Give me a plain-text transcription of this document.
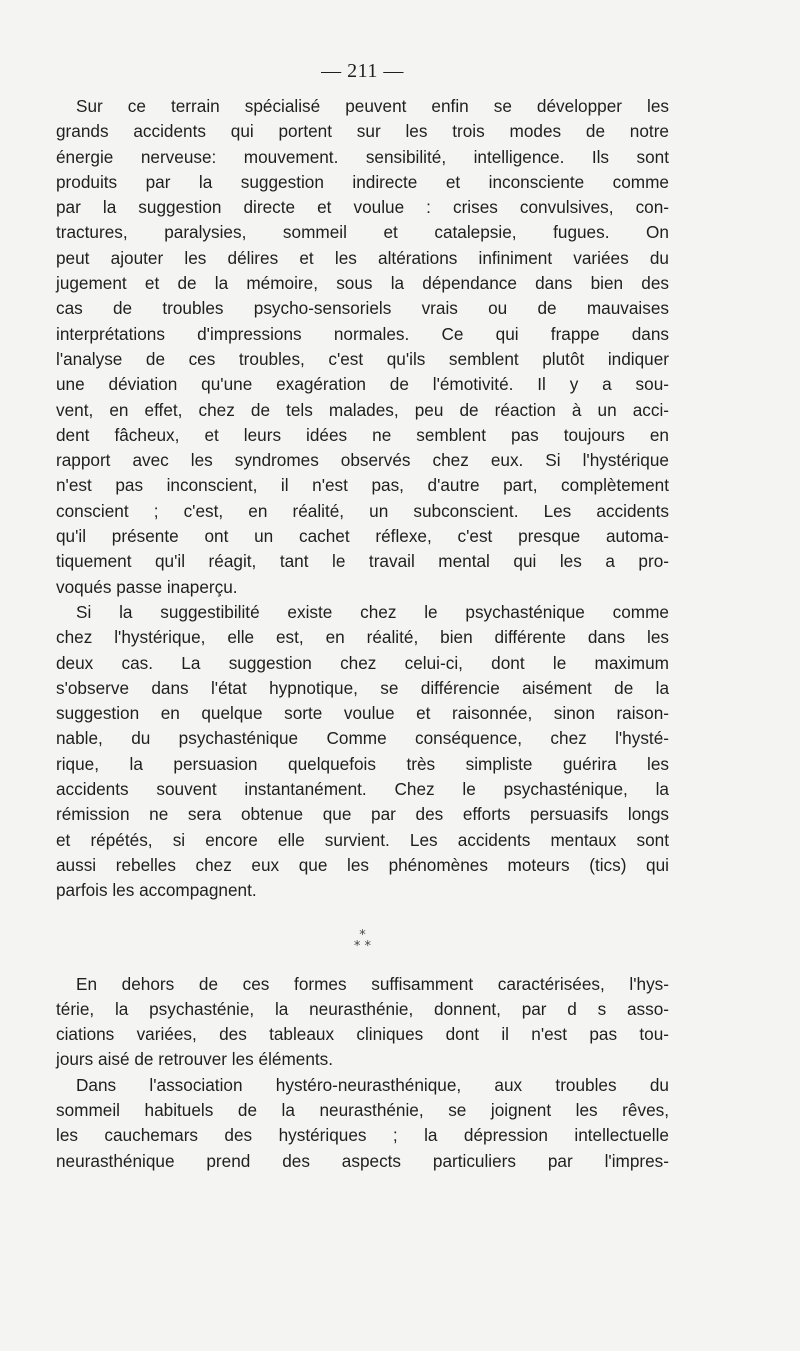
— 211 —
Sur ce terrain spécialisé peuvent enfin se développer les
grands accidents qui portent sur les trois modes de notre
énergie nerveuse: mouvement. sensibilité, intelligence. Ils sont
produits par la suggestion indirecte et inconsciente comme
par la suggestion directe et voulue : crises convulsives, con-
tractures, paralysies, sommeil et catalepsie, fugues. On
peut ajouter les délires et les altérations infiniment variées du
jugement et de la mémoire, sous la dépendance dans bien des
cas de troubles psycho-sensoriels vrais ou de mauvaises
interprétations d'impressions normales. Ce qui frappe dans
l'analyse de ces troubles, c'est qu'ils semblent plutôt indiquer
une déviation qu'une exagération de l'émotivité. Il y a sou-
vent, en effet, chez de tels malades, peu de réaction à un acci-
dent fâcheux, et leurs idées ne semblent pas toujours en
rapport avec les syndromes observés chez eux. Si l'hystérique
n'est pas inconscient, il n'est pas, d'autre part, complètement
conscient ; c'est, en réalité, un subconscient. Les accidents
qu'il présente ont un cachet réflexe, c'est presque automa-
tiquement qu'il réagit, tant le travail mental qui les a pro-
voqués passe inaperçu.
Si la suggestibilité existe chez le psychasténique comme
chez l'hystérique, elle est, en réalité, bien différente dans les
deux cas. La suggestion chez celui-ci, dont le maximum
s'observe dans l'état hypnotique, se différencie aisément de la
suggestion en quelque sorte voulue et raisonnée, sinon raison-
nable, du psychasténique Comme conséquence, chez l'hysté-
rique, la persuasion quelquefois très simpliste guérira les
accidents souvent instantanément. Chez le psychasténique, la
rémission ne sera obtenue que par des efforts persuasifs longs
et répétés, si encore elle survient. Les accidents mentaux sont
aussi rebelles chez eux que les phénomènes moteurs (tics) qui
parfois les accompagnent.
*
* *
En dehors de ces formes suffisamment caractérisées, l'hys-
térie, la psychasténie, la neurasthénie, donnent, par d s asso-
ciations variées, des tableaux cliniques dont il n'est pas tou-
jours aisé de retrouver les éléments.
Dans l'association hystéro-neurasthénique, aux troubles du
sommeil habituels de la neurasthénie, se joignent les rêves,
les cauchemars des hystériques ; la dépression intellectuelle
neurasthénique prend des aspects particuliers par l'impres-
